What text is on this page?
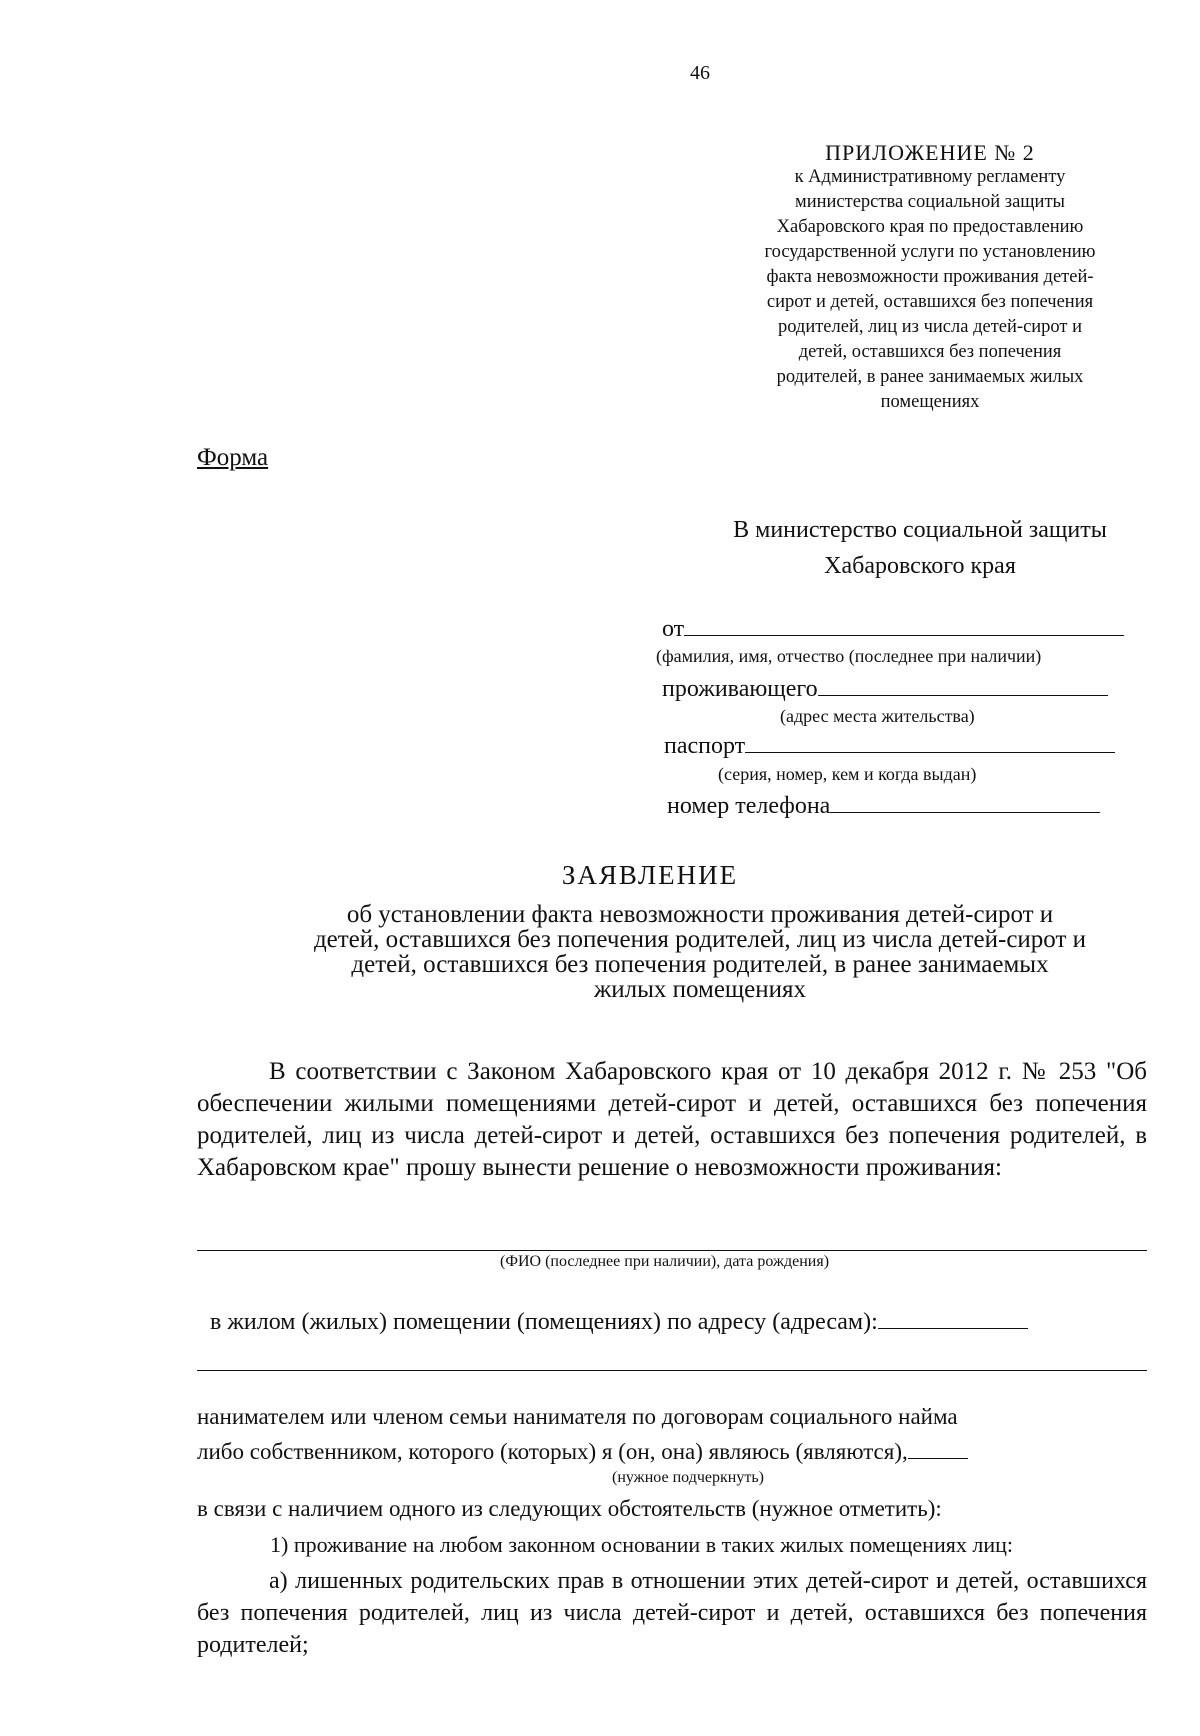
46
ПРИЛОЖЕНИЕ № 2
к Административному регламенту
министерства социальной защиты
Хабаровского края по предоставлению
государственной услуги по установлению
факта невозможности проживания детей-
сирот и детей, оставшихся без попечения
родителей, лиц из числа детей-сирот и
детей, оставшихся без попечения
родителей, в ранее занимаемых жилых
помещениях
Форма
В министерство социальной защиты
Хабаровского края
от
(фамилия, имя, отчество (последнее при наличии)
проживающего
(адрес места жительства)
паспорт
(серия, номер, кем и когда выдан)
номер телефона
ЗАЯВЛЕНИЕ
об установлении факта невозможности проживания детей-сирот и
детей, оставшихся без попечения родителей, лиц из числа детей-сирот и
детей, оставшихся без попечения родителей, в ранее занимаемых
жилых помещениях
В соответствии с Законом Хабаровского края от 10 декабря 2012 г. № 253 "Об обеспечении жилыми помещениями детей-сирот и детей, оставшихся без попечения родителей, лиц из числа детей-сирот и детей, оставшихся без попечения родителей, в Хабаровском крае" прошу вынести решение о невозможности проживания:
(ФИО (последнее при наличии), дата рождения)
в жилом (жилых) помещении (помещениях) по адресу (адресам):
нанимателем или членом семьи нанимателя по договорам социального найма
либо собственником, которого (которых) я (он, она) являюсь (являются),
(нужное подчеркнуть)
в связи с наличием одного из следующих обстоятельств (нужное отметить):
1) проживание на любом законном основании в таких жилых помещениях лиц:
а) лишенных родительских прав в отношении этих детей-сирот и детей, оставшихся без попечения родителей, лиц из числа детей-сирот и детей, оставшихся без попечения родителей;
